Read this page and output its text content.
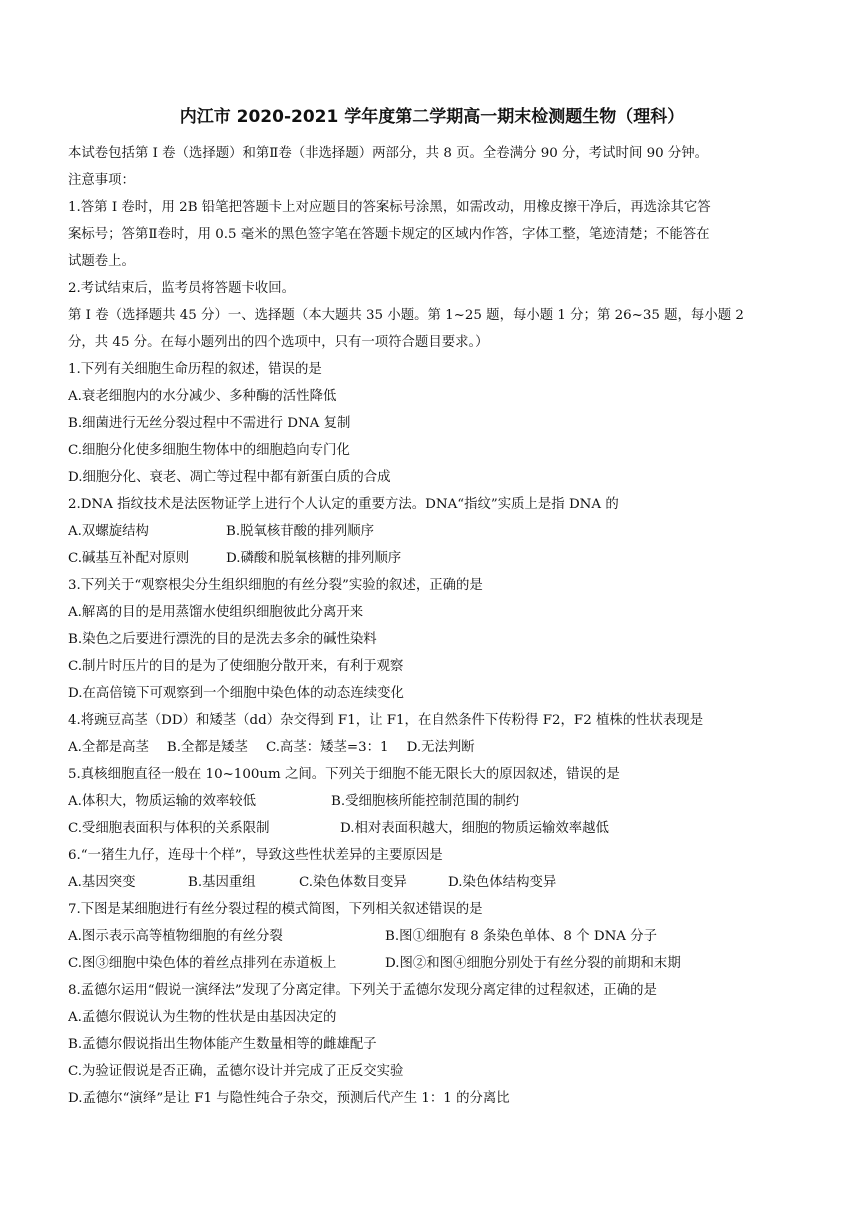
内江市 2020-2021 学年度第二学期高一期末检测题生物（理科）
本试卷包括第 I 卷（选择题）和第Ⅱ卷（非选择题）两部分，共 8 页。全卷满分 90 分，考试时间 90 分钟。
注意事项：
1.答第 I 卷时，用 2B 铅笔把答题卡上对应题目的答案标号涂黑，如需改动，用橡皮擦干净后，再选涂其它答
案标号；答第Ⅱ卷时，用 0.5 毫米的黑色签字笔在答题卡规定的区域内作答，字体工整，笔迹清楚；不能答在
试题卷上。
2.考试结束后，监考员将答题卡收回。
第 I 卷（选择题共 45 分）一、选择题（本大题共 35 小题。第 1~25 题，每小题 1 分；第 26~35 题，每小题 2
分，共 45 分。在每小题列出的四个选项中，只有一项符合题目要求。）
1.下列有关细胞生命历程的叙述，错误的是
A.衰老细胞内的水分减少、多种酶的活性降低
B.细菌进行无丝分裂过程中不需进行 DNA 复制
C.细胞分化使多细胞生物体中的细胞趋向专门化
D.细胞分化、衰老、凋亡等过程中都有新蛋白质的合成
2.DNA 指纹技术是法医物证学上进行个人认定的重要方法。DNA“指纹”实质上是指 DNA 的
A.双螺旋结构	B.脱氧核苷酸的排列顺序
C.碱基互补配对原则	D.磷酸和脱氧核糖的排列顺序
3.下列关于“观察根尖分生组织细胞的有丝分裂”实验的叙述，正确的是
A.解离的目的是用蒸馏水使组织细胞彼此分离开来
B.染色之后要进行漂洗的目的是洗去多余的碱性染料
C.制片时压片的目的是为了使细胞分散开来，有利于观察
D.在高倍镜下可观察到一个细胞中染色体的动态连续变化
4.将豌豆高茎（DD）和矮茎（dd）杂交得到 F1，让 F1，在自然条件下传粉得 F2，F2 植株的性状表现是
A.全都是高茎 B.全都是矮茎 C.高茎：矮茎=3：1 D.无法判断
5.真核细胞直径一般在 10~100um 之间。下列关于细胞不能无限长大的原因叙述，错误的是
A.体积大，物质运输的效率较低	B.受细胞核所能控制范围的制约
C.受细胞表面积与体积的关系限制	D.相对表面积越大，细胞的物质运输效率越低
6.“一猪生九仔，连母十个样”，导致这些性状差异的主要原因是
A.基因突变	B.基因重组	C.染色体数目变异	D.染色体结构变异
7.下图是某细胞进行有丝分裂过程的模式简图，下列相关叙述错误的是
A.图示表示高等植物细胞的有丝分裂	B.图①细胞有 8 条染色单体、8 个 DNA 分子
C.图③细胞中染色体的着丝点排列在赤道板上	D.图②和图④细胞分别处于有丝分裂的前期和末期
8.孟德尔运用“假说一演绎法”发现了分离定律。下列关于孟德尔发现分离定律的过程叙述，正确的是
A.孟德尔假说认为生物的性状是由基因决定的
B.孟德尔假说指出生物体能产生数量相等的雌雄配子
C.为验证假说是否正确，孟德尔设计并完成了正反交实验
D.孟德尔“演绎”是让 F1 与隐性纯合子杂交，预测后代产生 1：1 的分离比
